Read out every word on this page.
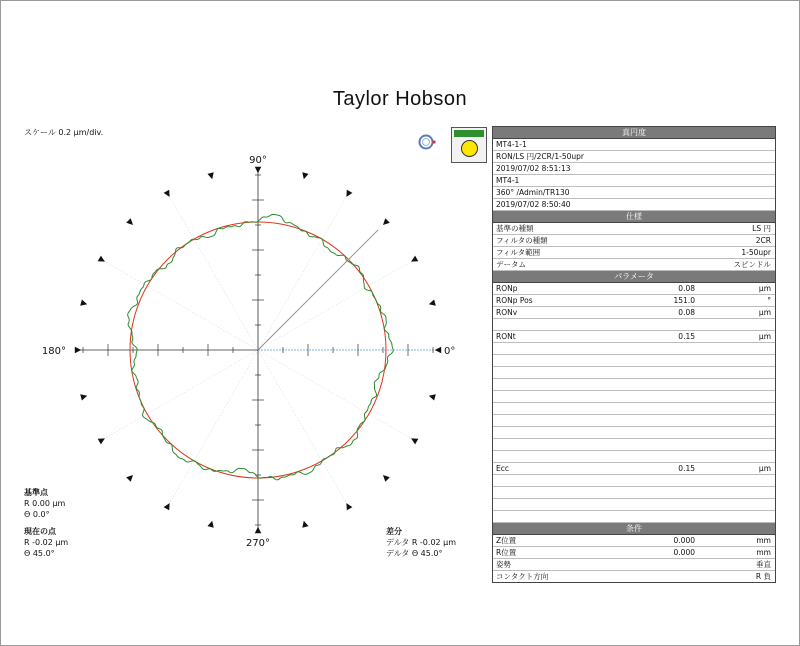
Taylor Hobson
スケール 0.2 μm/div.
90°
180°	0°
270°
基準点
R 0.00 μm
Θ 0.0°
現在の点
R -0.02 μm
Θ 45.0°
差分
デルタ R -0.02 μm
デルタ Θ 45.0°
真円度
MT4-1-1
RON/LS 円/2CR/1-50upr
2019/07/02 8:51:13
MT4-1
360° /Admin/TR130
2019/07/02 8:50:40
仕様
基準の種類	LS 円
フィルタの種類	2CR
フィルタ範囲	1-50upr
データム	スピンドル
パラメータ
RONp	0.08	μm
RONp Pos	151.0	°
RONv	0.08	μm
RONt	0.15	μm
Ecc	0.15	μm
条件
Z位置	0.000	mm
R位置	0.000	mm
姿勢	垂直
コンタクト方向	R 負
